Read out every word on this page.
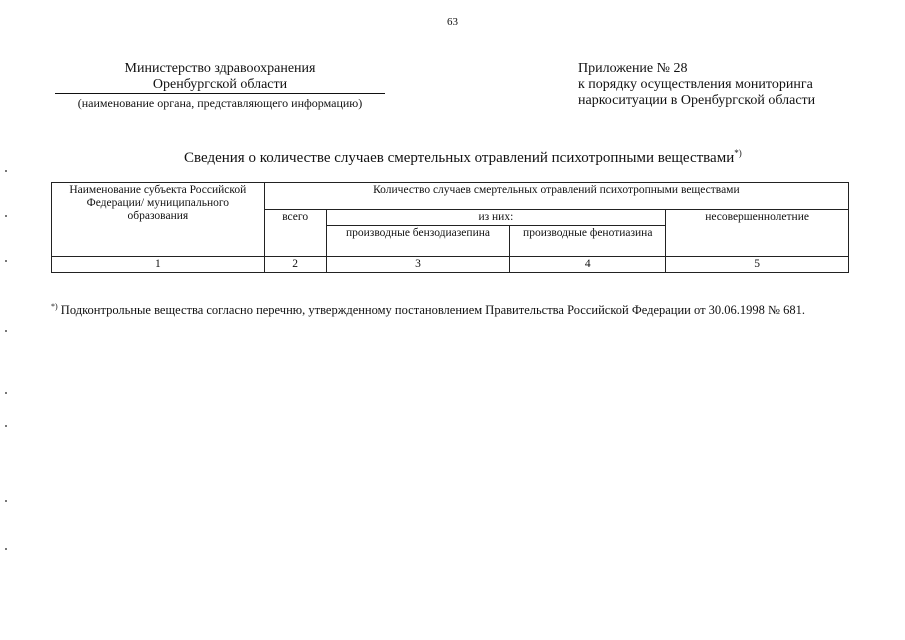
63
Министерство здравоохранения
Оренбургской области
(наименование органа, представляющего информацию)
Приложение № 28
к порядку осуществления мониторинга
наркоситуации в Оренбургской области
Сведения о количестве случаев смертельных отравлений психотропными веществами*)
Наименование субъекта Российской Федерации/ муниципального образования	Количество случаев смертельных отравлений психотропными веществами			
	всего	из них:		несовершеннолетние
		производные бензодиазепина	производные фенотиазина	
1	2	3	4	5
*) Подконтрольные вещества согласно перечню, утвержденному постановлением Правительства Российской Федерации от 30.06.1998 № 681.
